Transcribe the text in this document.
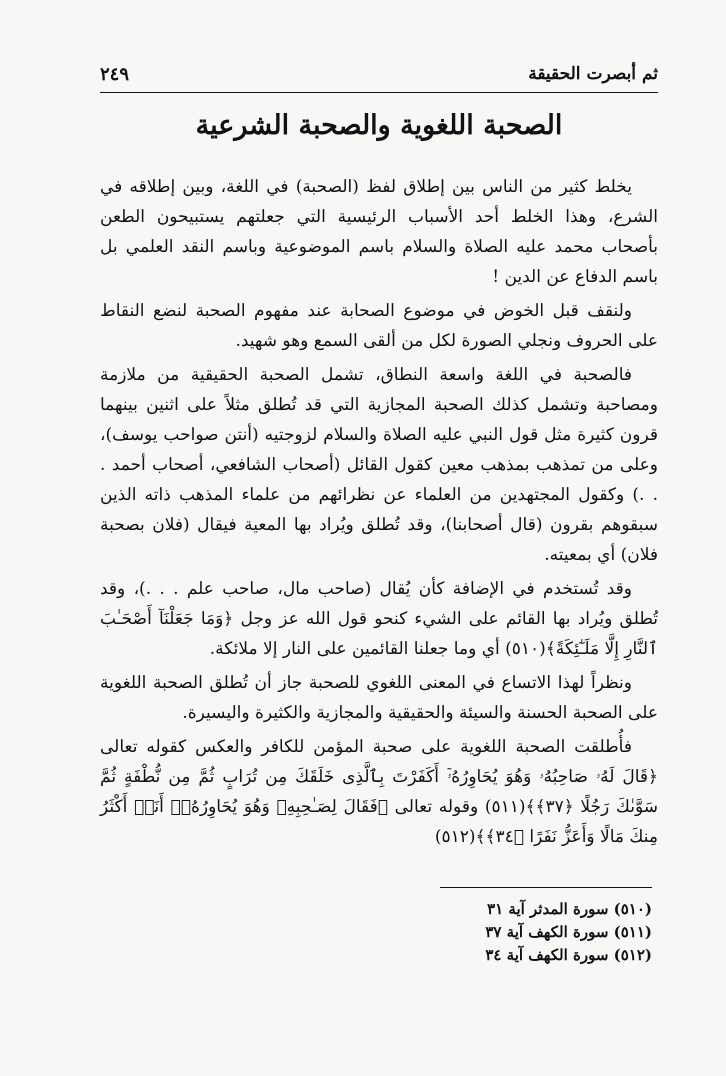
ثم أبصرت الحقيقة
٢٤٩
الصحبة اللغوية والصحبة الشرعية

يخلط كثير من الناس بين إطلاق لفظ (الصحبة) في اللغة، وبين إطلاقه في الشرع، وهذا الخلط أحد الأسباب الرئيسية التي جعلتهم يستبيحون الطعن بأصحاب محمد عليه الصلاة والسلام باسم الموضوعية وباسم النقد العلمي بل باسم الدفاع عن الدين !

ولنقف قبل الخوض في موضوع الصحابة عند مفهوم الصحبة لنضع النقاط على الحروف ونجلي الصورة لكل من ألقى السمع وهو شهيد.

فالصحبة في اللغة واسعة النطاق، تشمل الصحبة الحقيقية من ملازمة ومصاحبة وتشمل كذلك الصحبة المجازية التي قد تُطلق مثلاً على اثنين بينهما قرون كثيرة مثل قول النبي عليه الصلاة والسلام لزوجتيه (أنتن صواحب يوسف)، وعلى من تمذهب بمذهب معين كقول القائل (أصحاب الشافعي، أصحاب أحمد . . .) وكقول المجتهدين من العلماء عن نظرائهم من علماء المذهب ذاته الذين سبقوهم بقرون (قال أصحابنا)، وقد تُطلق ويُراد بها المعية فيقال (فلان بصحبة فلان) أي بمعيته.

وقد تُستخدم في الإضافة كأن يُقال (صاحب مال، صاحب علم . . .)، وقد تُطلق ويُراد بها القائم على الشيء كنحو قول الله عز وجل ﴿وَمَا جَعَلْنَآ أَصْحَـٰبَ ٱلنَّارِ إِلَّا مَلَـٰٓئِكَةً﴾(٥١٠) أي وما جعلنا القائمين على النار إلا ملائكة.

ونظراً لهذا الاتساع في المعنى اللغوي للصحبة جاز أن تُطلق الصحبة اللغوية على الصحبة الحسنة والسيئة والحقيقية والمجازية والكثيرة واليسيرة.

فأُطلقت الصحبة اللغوية على صحبة المؤمن للكافر والعكس كقوله تعالى ﴿قَالَ لَهُۥ صَاحِبُهُۥ وَهُوَ يُحَاوِرُهُۥٓ أَكَفَرْتَ بِٱلَّذِى خَلَقَكَ مِن تُرَابٍ ثُمَّ مِن نُّطْفَةٍ ثُمَّ سَوَّىٰكَ رَجُلًا ﴿٣٧﴾﴾(٥١١) وقوله تعالى ﴿فَقَالَ لِصَـٰحِبِهِۦ وَهُوَ يُحَاوِرُهُۥٓ أَنَا۠ أَكْثَرُ مِنكَ مَالًا وَأَعَزُّ نَفَرًا ﴿٣٤﴾﴾(٥١٢)

(٥١٠) سورة المدثر آية ٣١
(٥١١) سورة الكهف آية ٣٧
(٥١٢) سورة الكهف آية ٣٤
